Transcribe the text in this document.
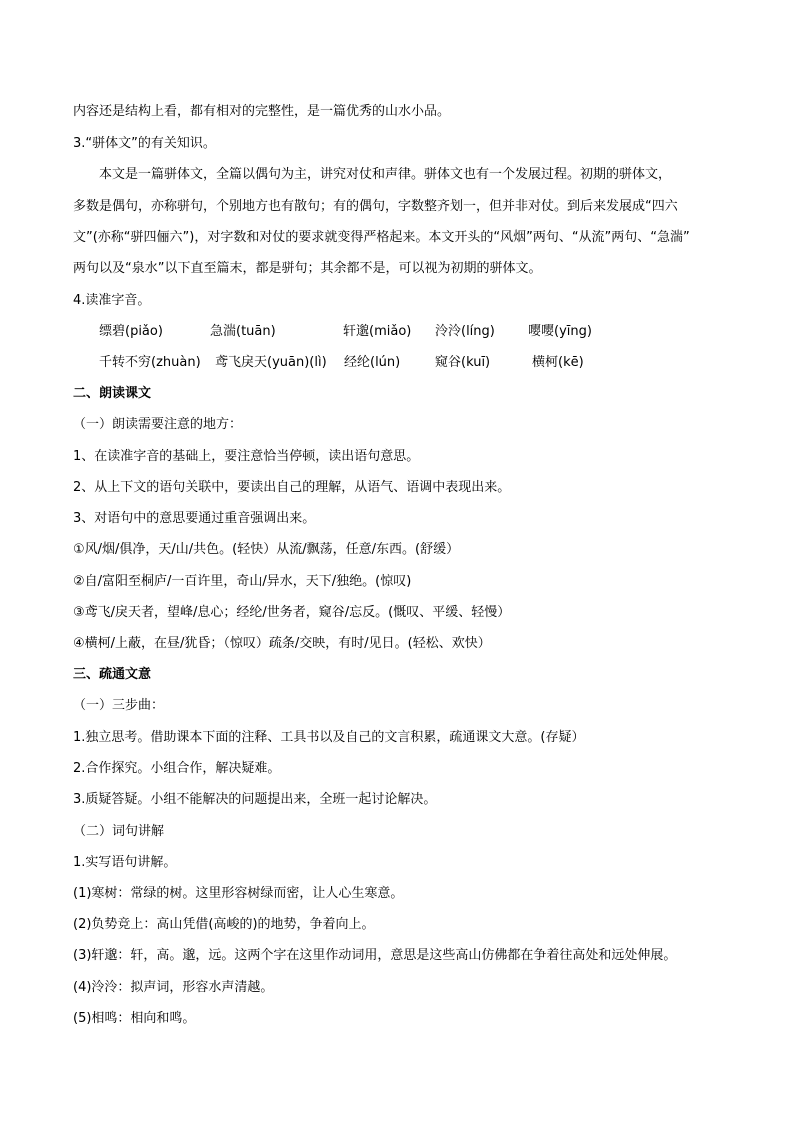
内容还是结构上看，都有相对的完整性，是一篇优秀的山水小品。
3.“骈体文”的有关知识。
本文是一篇骈体文，全篇以偶句为主，讲究对仗和声律。骈体文也有一个发展过程。初期的骈体文，
多数是偶句，亦称骈句，个别地方也有散句；有的偶句，字数整齐划一，但并非对仗。到后来发展成“四六
文”(亦称“骈四俪六”)，对字数和对仗的要求就变得严格起来。本文开头的“风烟”两句、“从流”两句、“急湍”
两句以及“泉水”以下直至篇末，都是骈句；其余都不是，可以视为初期的骈体文。
4.读准字音。
缥碧(piǎo)	急湍(tuān)	轩邈(miǎo) 泠泠(líng)	嘤嘤(yīng)
千转不穷(zhuàn) 鸢飞戾天(yuān)(lì) 经纶(lún)	窥谷(kuī)	横柯(kē)
二、朗读课文
（一）朗读需要注意的地方：
1、在读准字音的基础上，要注意恰当停顿，读出语句意思。
2、从上下文的语句关联中，要读出自己的理解，从语气、语调中表现出来。
3、对语句中的意思要通过重音强调出来。
①风/烟/俱净，天/山/共色。(轻快）从流/飘荡，任意/东西。(舒缓）
②自/富阳至桐庐/一百许里，奇山/异水，天下/独绝。(惊叹)
③鸢飞/戾天者，望峰/息心；经纶/世务者，窥谷/忘反。(慨叹、平缓、轻慢）
④横柯/上蔽，在昼/犹昏；（惊叹）疏条/交映，有时/见日。(轻松、欢快）
三、疏通文意
（一）三步曲：
1.独立思考。借助课本下面的注释、工具书以及自己的文言积累，疏通课文大意。(存疑）
2.合作探究。小组合作，解决疑难。
3.质疑答疑。小组不能解决的问题提出来，全班一起讨论解决。
（二）词句讲解
1.实写语句讲解。
(1)寒树：常绿的树。这里形容树绿而密，让人心生寒意。
(2)负势竞上：高山凭借(高峻的)的地势，争着向上。
(3)轩邈：轩，高。邈，远。这两个字在这里作动词用，意思是这些高山仿佛都在争着往高处和远处伸展。
(4)泠泠：拟声词，形容水声清越。
(5)相鸣：相向和鸣。
